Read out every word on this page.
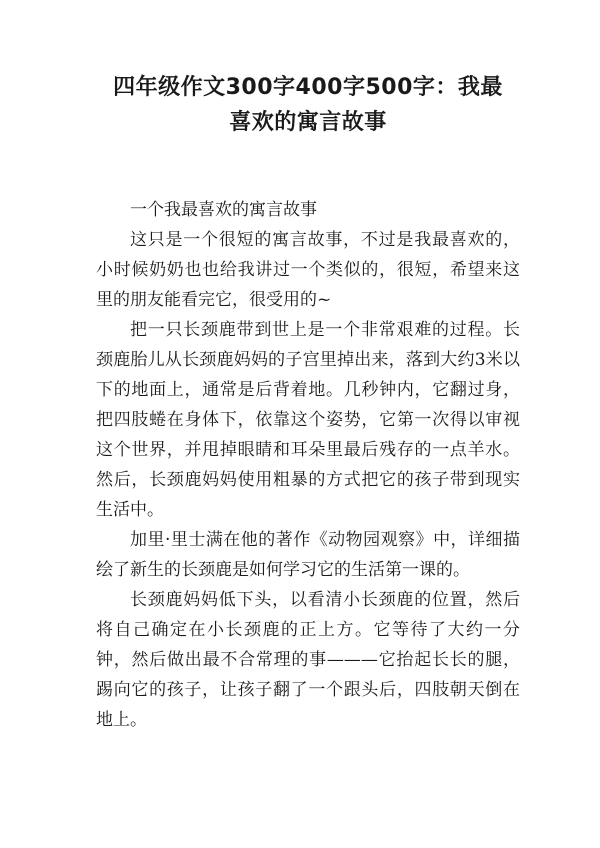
四年级作文300字400字500字：我最喜欢的寓言故事

一个我最喜欢的寓言故事

这只是一个很短的寓言故事，不过是我最喜欢的，小时候奶奶也也给我讲过一个类似的，很短，希望来这里的朋友能看完它，很受用的~

把一只长颈鹿带到世上是一个非常艰难的过程。长颈鹿胎儿从长颈鹿妈妈的子宫里掉出来，落到大约3米以下的地面上，通常是后背着地。几秒钟内，它翻过身，把四肢蜷在身体下，依靠这个姿势，它第一次得以审视这个世界，并甩掉眼睛和耳朵里最后残存的一点羊水。然后，长颈鹿妈妈使用粗暴的方式把它的孩子带到现实生活中。

加里·里士满在他的著作《动物园观察》中，详细描绘了新生的长颈鹿是如何学习它的生活第一课的。

长颈鹿妈妈低下头，以看清小长颈鹿的位置，然后将自己确定在小长颈鹿的正上方。它等待了大约一分钟，然后做出最不合常理的事———它抬起长长的腿，踢向它的孩子，让孩子翻了一个跟头后，四肢朝天倒在地上。
